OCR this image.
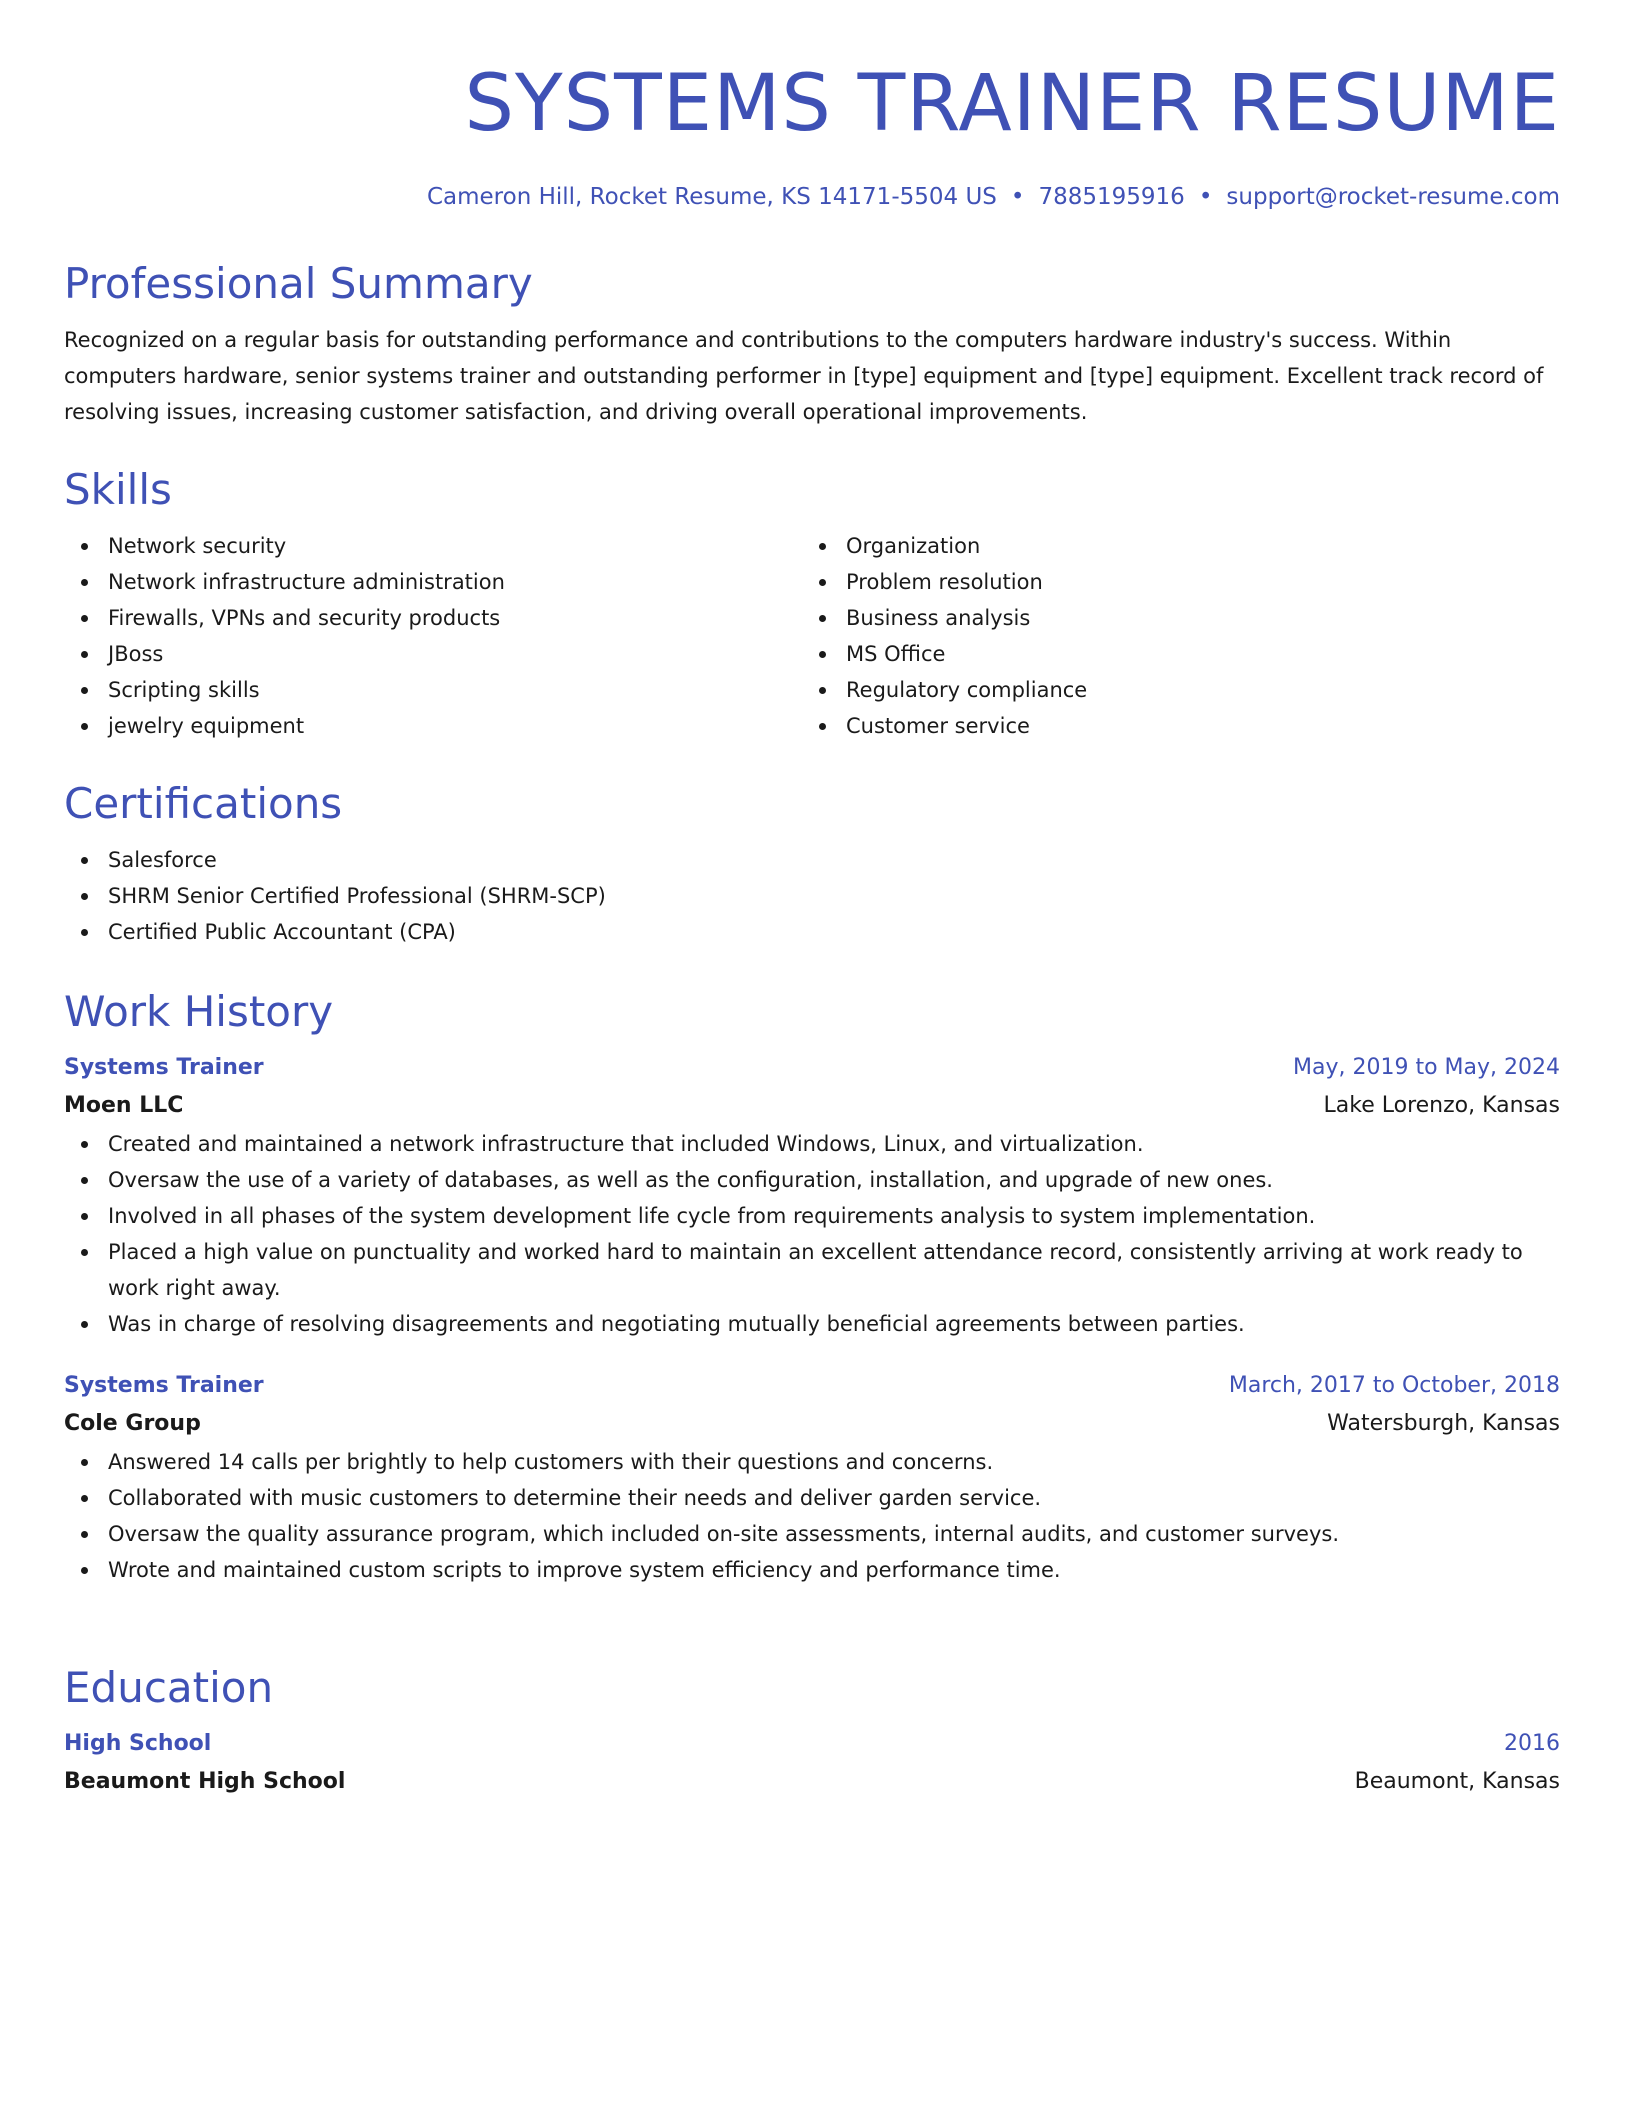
SYSTEMS TRAINER RESUME
Cameron Hill, Rocket Resume, KS 14171-5504 US • 7885195916 • support@rocket-resume.com
Professional Summary

Recognized on a regular basis for outstanding performance and contributions to the computers hardware industry's success. Within computers hardware, senior systems trainer and outstanding performer in [type] equipment and [type] equipment. Excellent track record of resolving issues, increasing customer satisfaction, and driving overall operational improvements.

Skills
Network security
Network infrastructure administration
Firewalls, VPNs and security products
JBoss
Scripting skills
jewelry equipment
Organization
Problem resolution
Business analysis
MS Office
Regulatory compliance
Customer service
Certifications
Salesforce
SHRM Senior Certified Professional (SHRM-SCP)
Certified Public Accountant (CPA)
Work History
Systems Trainer	May, 2019 to May, 2024
Moen LLC	Lake Lorenzo, Kansas
Created and maintained a network infrastructure that included Windows, Linux, and virtualization.
Oversaw the use of a variety of databases, as well as the configuration, installation, and upgrade of new ones.
Involved in all phases of the system development life cycle from requirements analysis to system implementation.
Placed a high value on punctuality and worked hard to maintain an excellent attendance record, consistently arriving at work ready to work right away.
Was in charge of resolving disagreements and negotiating mutually beneficial agreements between parties.
Systems Trainer	March, 2017 to October, 2018
Cole Group	Watersburgh, Kansas
Answered 14 calls per brightly to help customers with their questions and concerns.
Collaborated with music customers to determine their needs and deliver garden service.
Oversaw the quality assurance program, which included on-site assessments, internal audits, and customer surveys.
Wrote and maintained custom scripts to improve system efficiency and performance time.
Education
High School	2016
Beaumont High School	Beaumont, Kansas
